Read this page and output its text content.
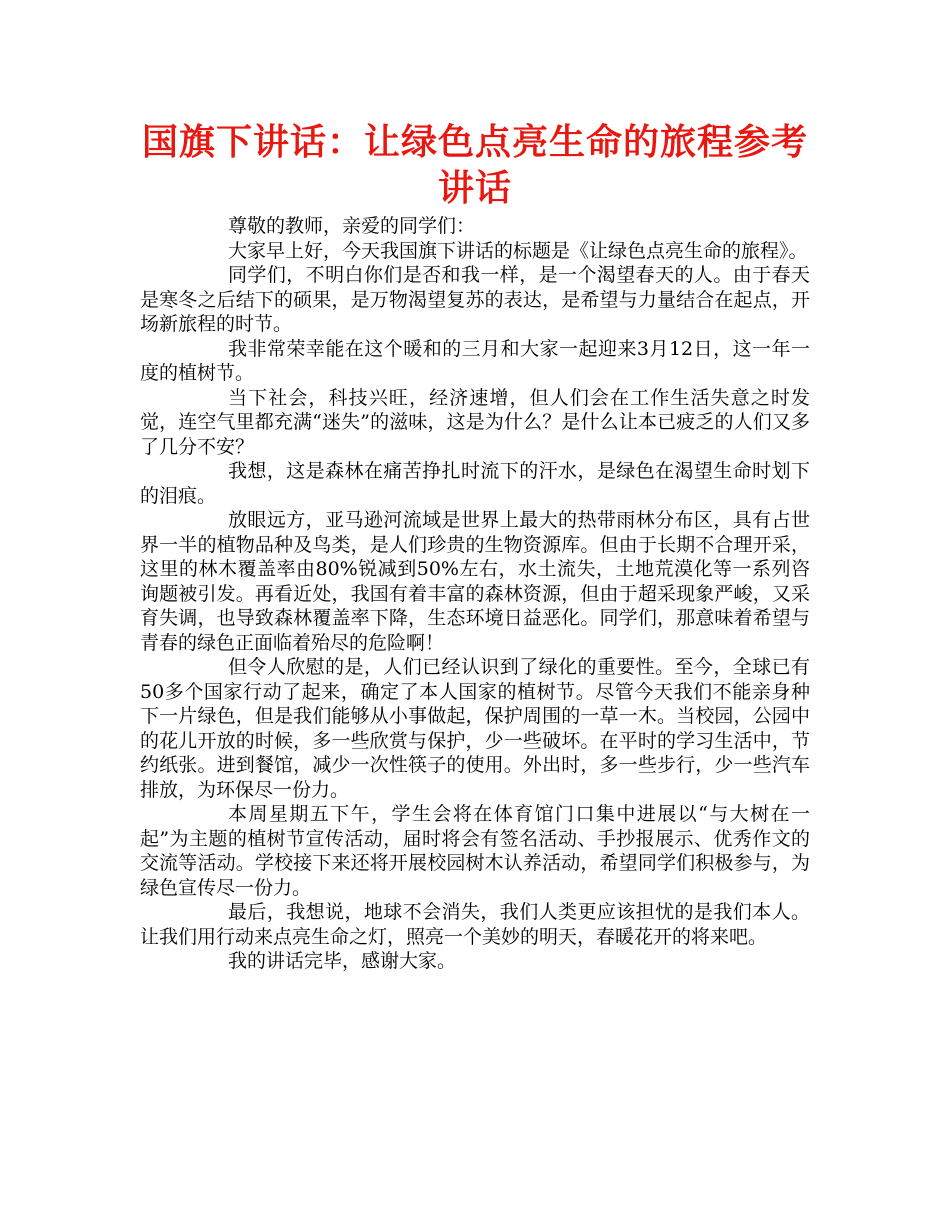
国旗下讲话：让绿色点亮生命的旅程参考讲话

尊敬的教师，亲爱的同学们：

大家早上好，今天我国旗下讲话的标题是《让绿色点亮生命的旅程》。

同学们，不明白你们是否和我一样，是一个渴望春天的人。由于春天是寒冬之后结下的硕果，是万物渴望复苏的表达，是希望与力量结合在起点，开场新旅程的时节。

我非常荣幸能在这个暖和的三月和大家一起迎来3月12日，这一年一度的植树节。

当下社会，科技兴旺，经济速增，但人们会在工作生活失意之时发觉，连空气里都充满“迷失”的滋味，这是为什么？是什么让本已疲乏的人们又多了几分不安？

我想，这是森林在痛苦挣扎时流下的汗水，是绿色在渴望生命时划下的泪痕。

放眼远方，亚马逊河流域是世界上最大的热带雨林分布区，具有占世界一半的植物品种及鸟类，是人们珍贵的生物资源库。但由于长期不合理开采，这里的林木覆盖率由80%锐减到50%左右，水土流失，土地荒漠化等一系列咨询题被引发。再看近处，我国有着丰富的森林资源，但由于超采现象严峻，又采育失调，也导致森林覆盖率下降，生态环境日益恶化。同学们，那意味着希望与青春的绿色正面临着殆尽的危险啊！

但令人欣慰的是，人们已经认识到了绿化的重要性。至今，全球已有50多个国家行动了起来，确定了本人国家的植树节。尽管今天我们不能亲身种下一片绿色，但是我们能够从小事做起，保护周围的一草一木。当校园，公园中的花儿开放的时候，多一些欣赏与保护，少一些破坏。在平时的学习生活中，节约纸张。进到餐馆，减少一次性筷子的使用。外出时，多一些步行，少一些汽车排放，为环保尽一份力。

本周星期五下午，学生会将在体育馆门口集中进展以“与大树在一起”为主题的植树节宣传活动，届时将会有签名活动、手抄报展示、优秀作文的交流等活动。学校接下来还将开展校园树木认养活动，希望同学们积极参与，为绿色宣传尽一份力。

最后，我想说，地球不会消失，我们人类更应该担忧的是我们本人。让我们用行动来点亮生命之灯，照亮一个美妙的明天，春暖花开的将来吧。

我的讲话完毕，感谢大家。
